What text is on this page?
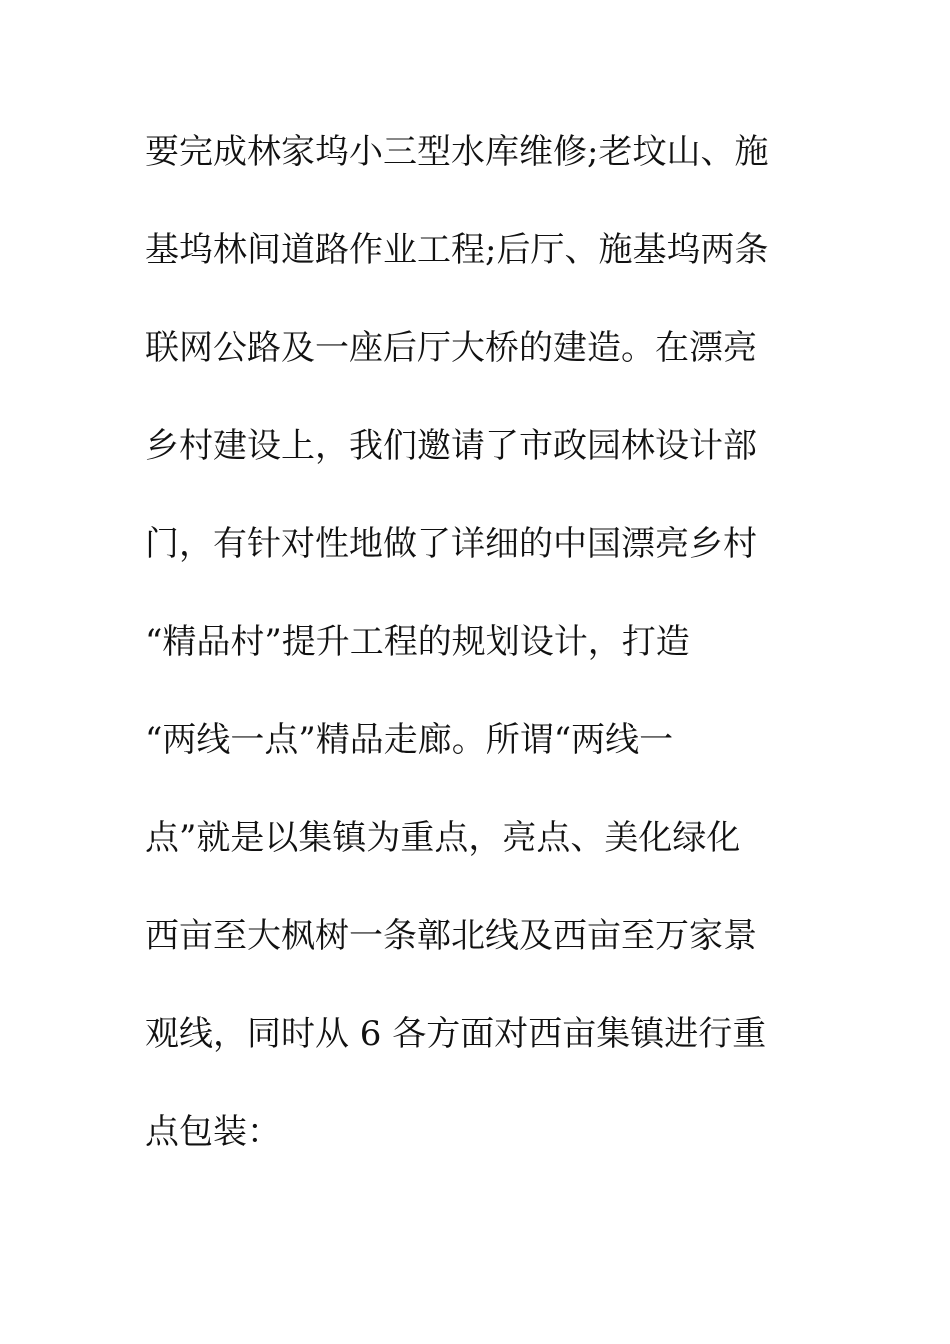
要完成林家坞小三型水库维修;老坟山、施
基坞林间道路作业工程;后厅、施基坞两条
联网公路及一座后厅大桥的建造。在漂亮
乡村建设上，我们邀请了市政园林设计部
门，有针对性地做了详细的中国漂亮乡村
“精品村”提升工程的规划设计，打造
“两线一点”精品走廊。所谓“两线一
点”就是以集镇为重点，亮点、美化绿化
西亩至大枫树一条鄣北线及西亩至万家景
观线，同时从 6 各方面对西亩集镇进行重
点包装：
